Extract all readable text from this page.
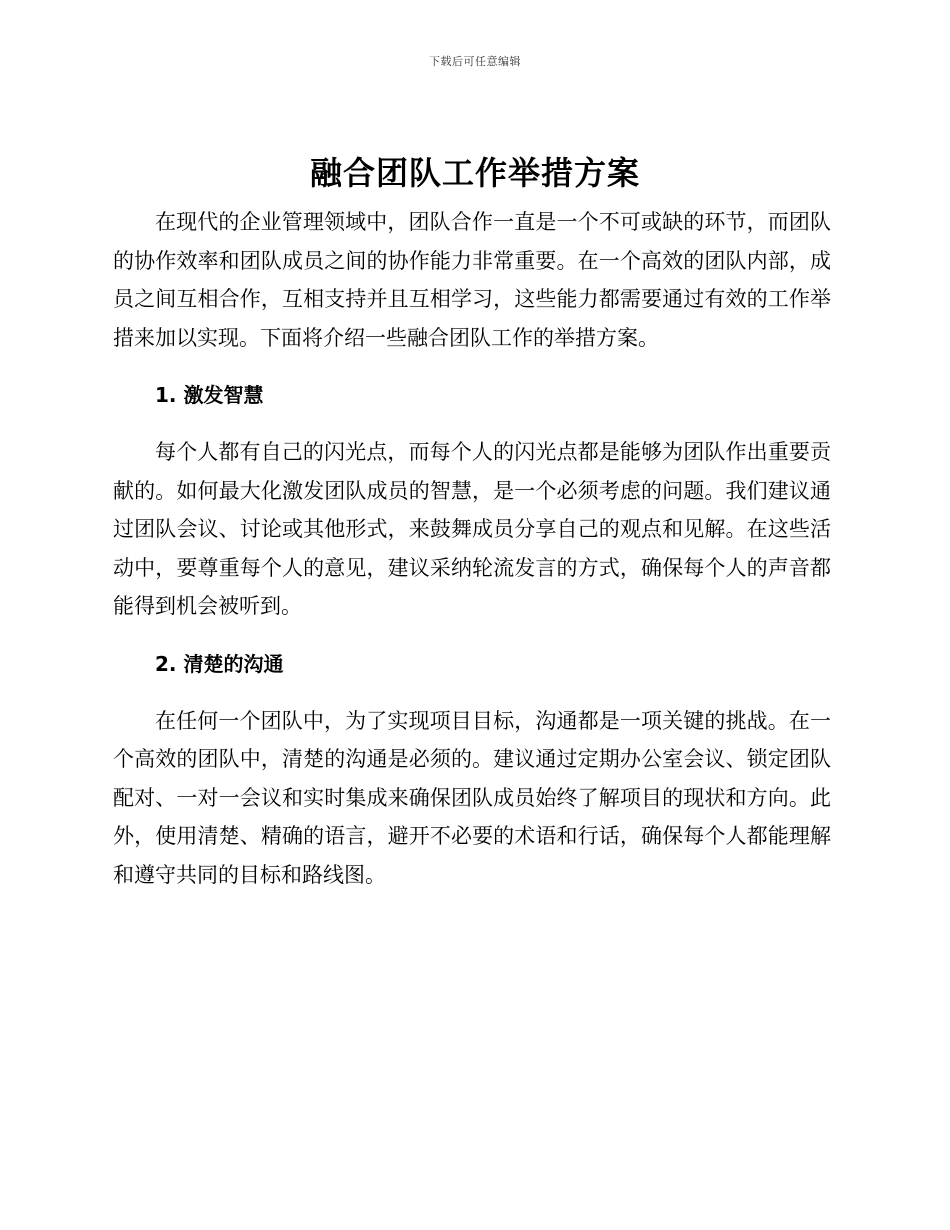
下载后可任意编辑
融合团队工作举措方案

在现代的企业管理领域中，团队合作一直是一个不可或缺的环节，而团队的协作效率和团队成员之间的协作能力非常重要。在一个高效的团队内部，成员之间互相合作，互相支持并且互相学习，这些能力都需要通过有效的工作举措来加以实现。下面将介绍一些融合团队工作的举措方案。

1. 激发智慧

每个人都有自己的闪光点，而每个人的闪光点都是能够为团队作出重要贡献的。如何最大化激发团队成员的智慧，是一个必须考虑的问题。我们建议通过团队会议、讨论或其他形式，来鼓舞成员分享自己的观点和见解。在这些活动中，要尊重每个人的意见，建议采纳轮流发言的方式，确保每个人的声音都能得到机会被听到。

2. 清楚的沟通

在任何一个团队中，为了实现项目目标，沟通都是一项关键的挑战。在一个高效的团队中，清楚的沟通是必须的。建议通过定期办公室会议、锁定团队配对、一对一会议和实时集成来确保团队成员始终了解项目的现状和方向。此外，使用清楚、精确的语言，避开不必要的术语和行话，确保每个人都能理解和遵守共同的目标和路线图。
